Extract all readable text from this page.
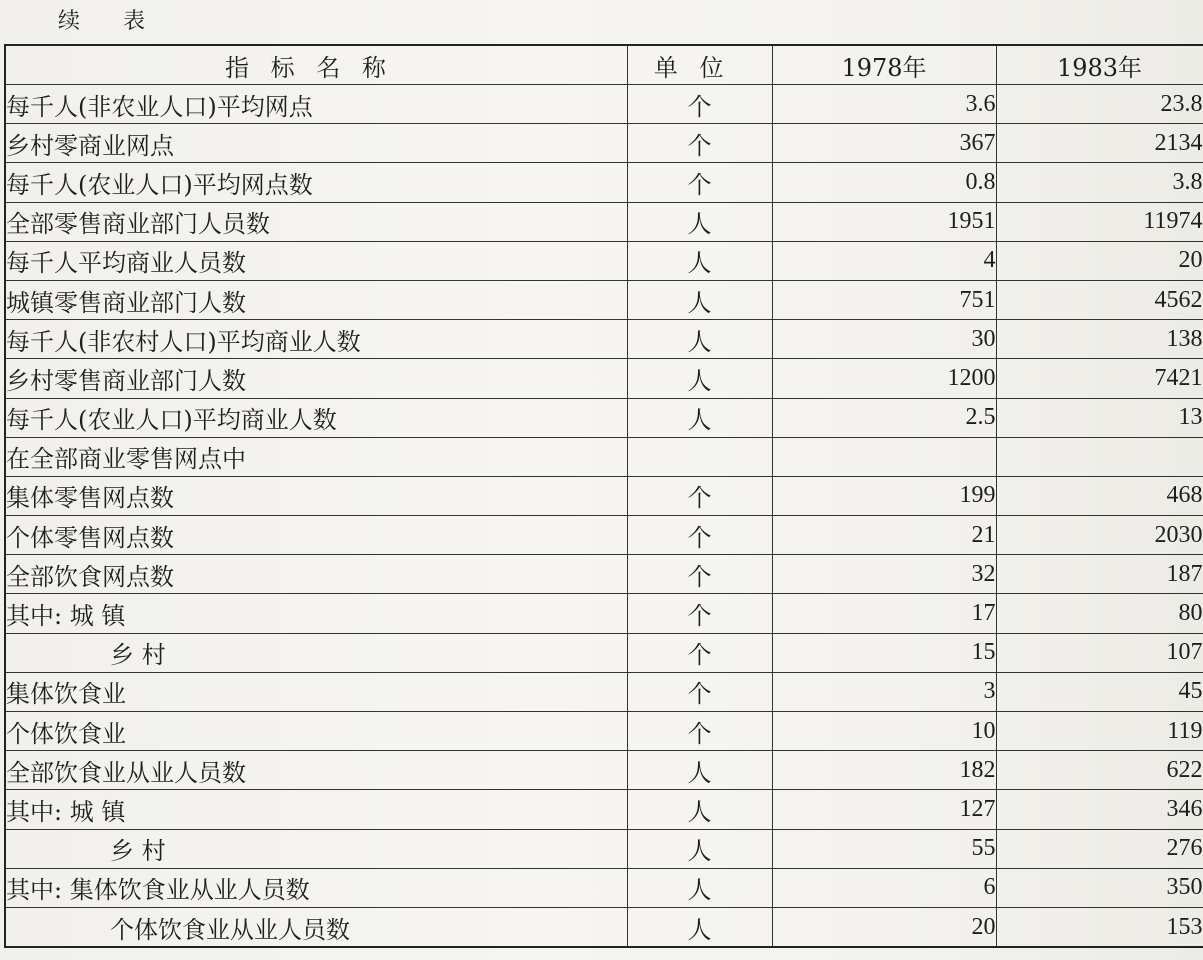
续 表
指标名称	单位	1978年	1983年
每千人(非农业人口)平均网点	个	3.6	23.8
乡村零商业网点	个	367	2134
每千人(农业人口)平均网点数	个	0.8	3.8
全部零售商业部门人员数	人	1951	11974
每千人平均商业人员数	人	4	20
城镇零售商业部门人数	人	751	4562
每千人(非农村人口)平均商业人数	人	30	138
乡村零售商业部门人数	人	1200	7421
每千人(农业人口)平均商业人数	人	2.5	13
在全部商业零售网点中			
集体零售网点数	个	199	468
个体零售网点数	个	21	2030
全部饮食网点数	个	32	187
其中: 城 镇	个	17	80
乡 村	个	15	107
集体饮食业	个	3	45
个体饮食业	个	10	119
全部饮食业从业人员数	人	182	622
其中: 城 镇	人	127	346
乡 村	人	55	276
其中: 集体饮食业从业人员数	人	6	350
个体饮食业从业人员数	人	20	153
